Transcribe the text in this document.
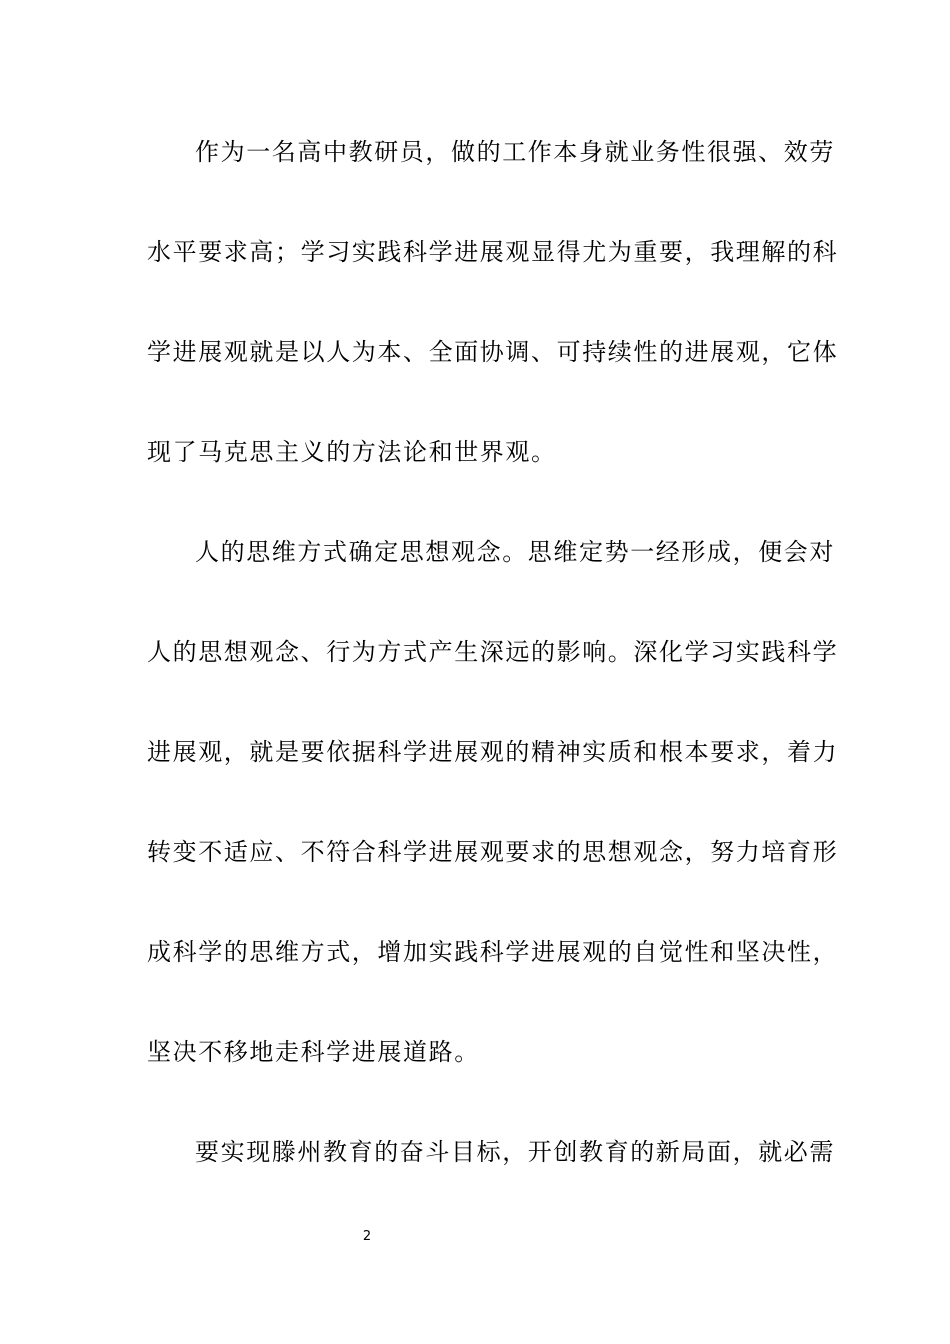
作为一名高中教研员，做的工作本身就业务性很强、效劳
水平要求高；学习实践科学进展观显得尤为重要，我理解的科
学进展观就是以人为本、全面协调、可持续性的进展观，它体
现了马克思主义的方法论和世界观。
人的思维方式确定思想观念。思维定势一经形成，便会对
人的思想观念、行为方式产生深远的影响。深化学习实践科学
进展观，就是要依据科学进展观的精神实质和根本要求，着力
转变不适应、不符合科学进展观要求的思想观念，努力培育形
成科学的思维方式，增加实践科学进展观的自觉性和坚决性，
坚决不移地走科学进展道路。
要实现滕州教育的奋斗目标，开创教育的新局面，就必需
2
